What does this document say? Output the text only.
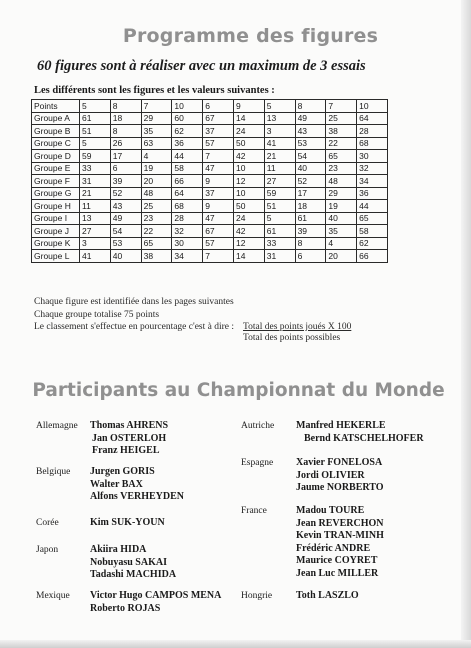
Programme des figures
60 figures sont à réaliser avec un maximum de 3 essais
Les différents sont les figures et les valeurs suivantes :
Points	5	8	7	10	6	9	5	8	7	10
Groupe A	61	18	29	60	67	14	13	49	25	64
Groupe B	51	8	35	62	37	24	3	43	38	28
Groupe C	5	26	63	36	57	50	41	53	22	68
Groupe D	59	17	4	44	7	42	21	54	65	30
Groupe E	33	6	19	58	47	10	11	40	23	32
Groupe F	31	39	20	66	9	12	27	52	48	34
Groupe G	21	52	48	64	37	10	59	17	29	36
Groupe H	11	43	25	68	9	50	51	18	19	44
Groupe I	13	49	23	28	47	24	5	61	40	65
Groupe J	27	54	22	32	67	42	61	39	35	58
Groupe K	3	53	65	30	57	12	33	8	4	62
Groupe L	41	40	38	34	7	14	31	6	20	66
Chaque figure est identifiée dans les pages suivantes
Chaque groupe totalise 75 points
Le classement s'effectue en pourcentage c'est à dire : Total des points joués X 100
Total des points possibles
Participants au Championnat du Monde
Allemagne Thomas AHRENS
Jan OSTERLOH
Franz HEIGEL
Belgique Jurgen GORIS
Walter BAX
Alfons VERHEYDEN
Corée	Kim SUK-YOUN
Japon	Akiira HIDA
Nobuyasu SAKAI
Tadashi MACHIDA
Mexique Victor Hugo CAMPOS MENA
Roberto ROJAS
Autriche Manfred HEKERLE
Bernd KATSCHELHOFER
Espagne Xavier FONELOSA
Jordi OLIVIER
Jaume NORBERTO
France	Madou TOURE
Jean REVERCHON
Kevin TRAN-MINH
Frédéric ANDRE
Maurice COYRET
Jean Luc MILLER
Hongrie Toth LASZLO
